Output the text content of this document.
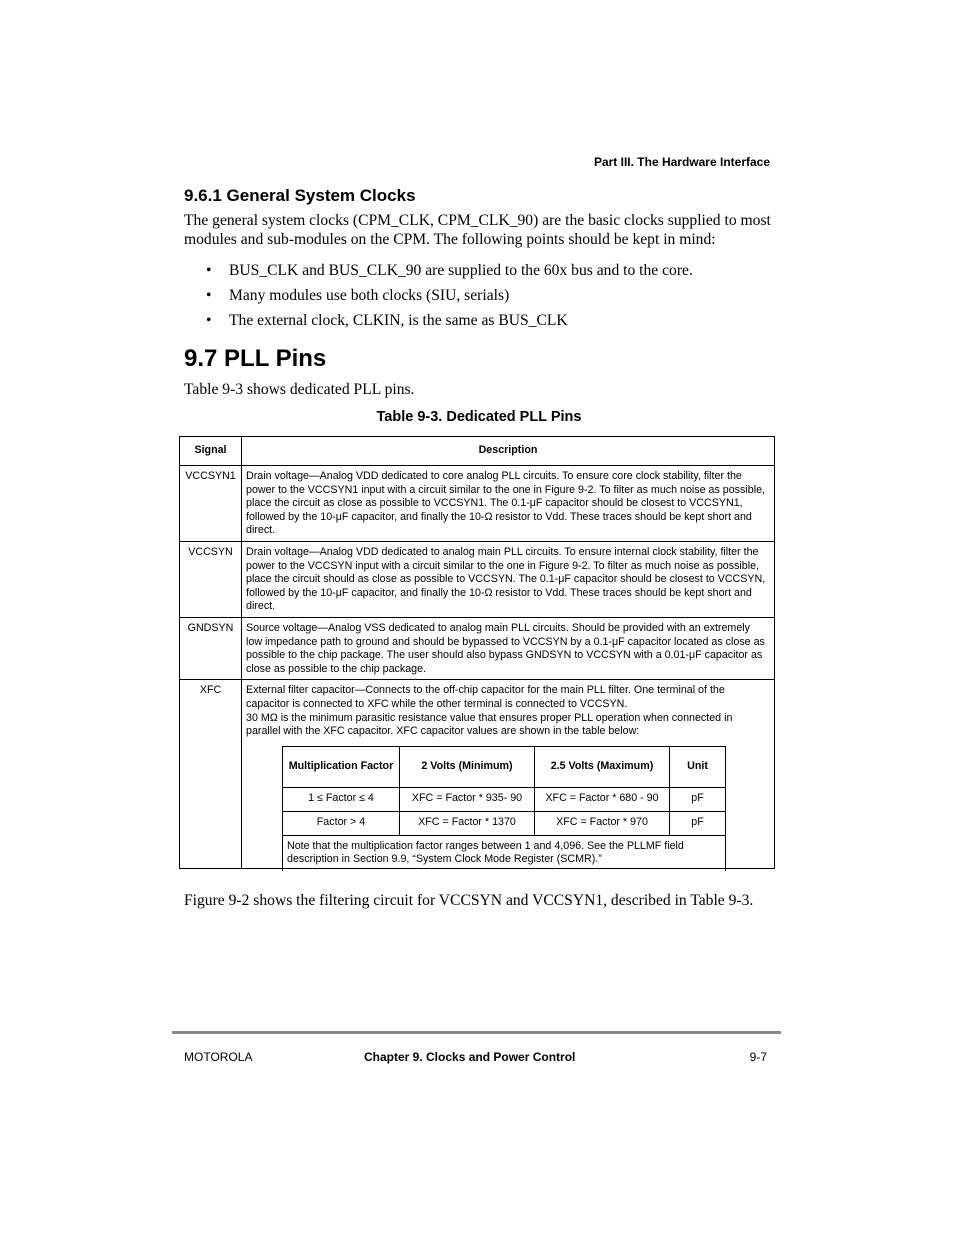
Part III. The Hardware Interface
9.6.1 General System Clocks
The general system clocks (CPM_CLK, CPM_CLK_90) are the basic clocks supplied to most modules and sub-modules on the CPM. The following points should be kept in mind:
• BUS_CLK and BUS_CLK_90 are supplied to the 60x bus and to the core.
• Many modules use both clocks (SIU, serials)
• The external clock, CLKIN, is the same as BUS_CLK
9.7 PLL Pins
Table 9-3 shows dedicated PLL pins.
Table 9-3. Dedicated PLL Pins
Signal	Description
VCCSYN1	Drain voltage—Analog VDD dedicated to core analog PLL circuits. To ensure core clock stability, filter the power to the VCCSYN1 input with a circuit similar to the one in Figure 9-2. To filter as much noise as possible, place the circuit as close as possible to VCCSYN1. The 0.1-μF capacitor should be closest to VCCSYN1, followed by the 10-μF capacitor, and finally the 10-Ω resistor to Vdd. These traces should be kept short and direct.
VCCSYN	Drain voltage—Analog VDD dedicated to analog main PLL circuits. To ensure internal clock stability, filter the power to the VCCSYN input with a circuit similar to the one in Figure 9-2. To filter as much noise as possible, place the circuit should as close as possible to VCCSYN. The 0.1-μF capacitor should be closest to VCCSYN, followed by the 10-μF capacitor, and finally the 10-Ω resistor to Vdd. These traces should be kept short and direct.
GNDSYN	Source voltage—Analog VSS dedicated to analog main PLL circuits. Should be provided with an extremely low impedance path to ground and should be bypassed to VCCSYN by a 0.1-μF capacitor located as close as possible to the chip package. The user should also bypass GNDSYN to VCCSYN with a 0.01-μF capacitor as close as possible to the chip package.
XFC	External filter capacitor—Connects to the off-chip capacitor for the main PLL filter. One terminal of the capacitor is connected to XFC while the other terminal is connected to VCCSYN.
30 MΩ is the minimum parasitic resistance value that ensures proper PLL operation when connected in parallel with the XFC capacitor. XFC capacitor values are shown in the table below:
Multiplication Factor	2 Volts (Minimum)	2.5 Volts (Maximum)	Unit
1 ≤ Factor ≤ 4	XFC = Factor * 935- 90	XFC = Factor * 680 - 90	pF
Factor > 4	XFC = Factor * 1370	XFC = Factor * 970	pF
Note that the multiplication factor ranges between 1 and 4,096. See the PLLMF field description in Section 9.9, “System Clock Mode Register (SCMR).”
Figure 9-2 shows the filtering circuit for VCCSYN and VCCSYN1, described in Table 9-3.
MOTOROLA	Chapter 9. Clocks and Power Control	9-7
